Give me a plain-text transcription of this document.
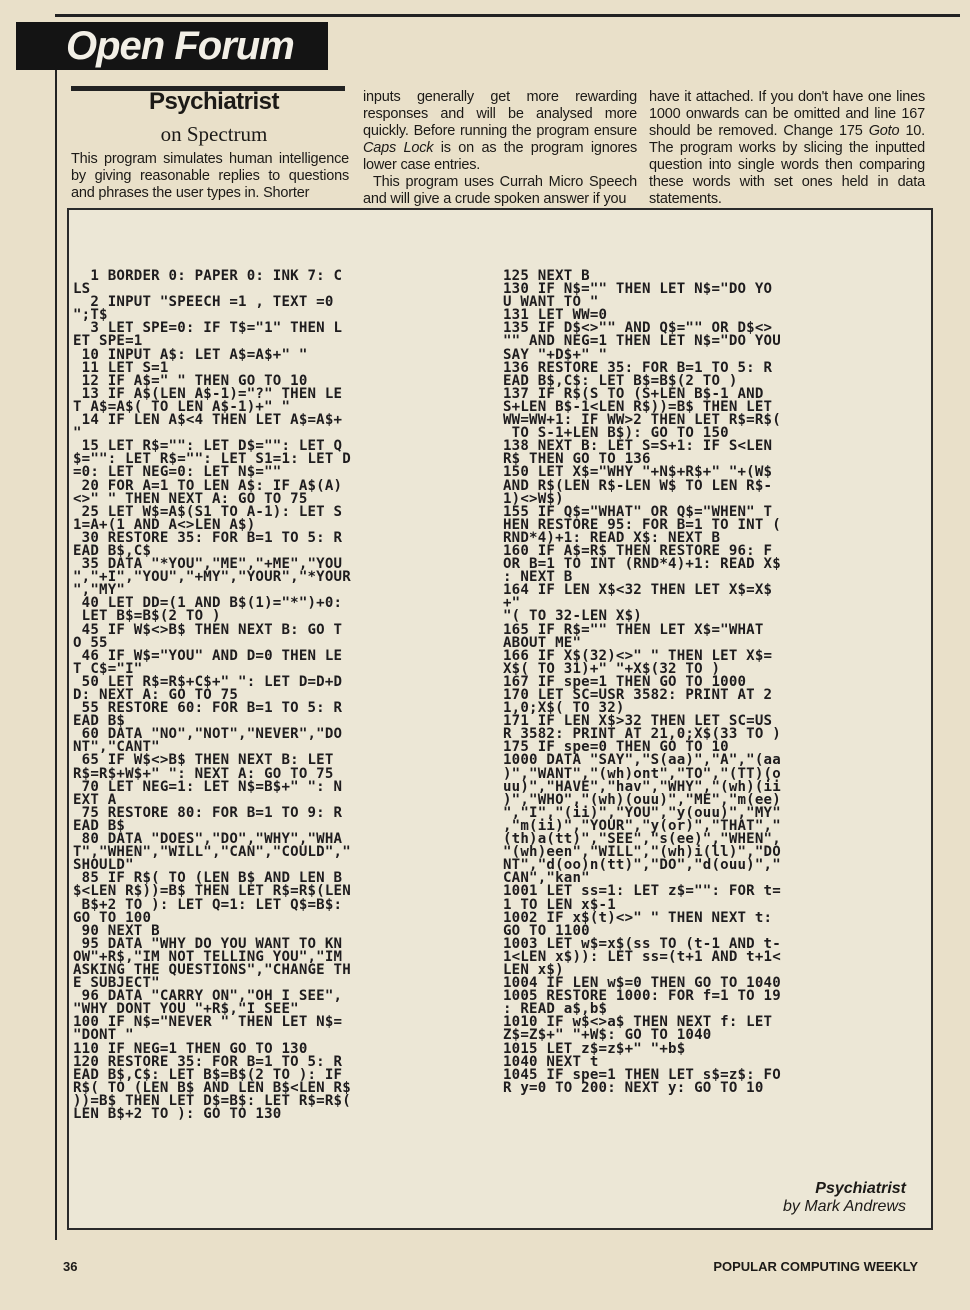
Open Forum
Psychiatrist
on Spectrum

This program simulates human intelligence by giving reasonable replies to questions and phrases the user types in. Shorter

inputs generally get more rewarding responses and will be analysed more quickly. Before running the program ensure Caps Lock is on as the program ignores lower case entries.

This program uses Currah Micro Speech and will give a crude spoken answer if you

have it attached. If you don't have one lines 1000 onwards can be omitted and line 167 should be removed. Change 175 Goto 10. The program works by slicing the inputted question into single words then comparing these words with set ones held in data statements.

1 BORDER 0: PAPER 0: INK 7: C
LS
2 INPUT "SPEECH =1 , TEXT =0
";T$
3 LET SPE=0: IF T$="1" THEN L
ET SPE=1
10 INPUT A$: LET A$=A$+" "
11 LET S=1
12 IF A$=" " THEN GO TO 10
13 IF A$(LEN A$-1)="?" THEN LE
T A$=A$( TO LEN A$-1)+" "
14 IF LEN A$<4 THEN LET A$=A$+
"
15 LET R$="": LET D$="": LET Q
$="": LET R$="": LET S1=1: LET D
=0: LET NEG=0: LET N$=""
20 FOR A=1 TO LEN A$: IF A$(A)
<>" " THEN NEXT A: GO TO 75
25 LET W$=A$(S1 TO A-1): LET S
1=A+(1 AND A<>LEN A$)
30 RESTORE 35: FOR B=1 TO 5: R
EAD B$,C$
35 DATA "*YOU","ME","+ME","YOU
","+I","YOU","+MY","YOUR","*YOUR
","MY"
40 LET DD=(1 AND B$(1)="*")+0:
LET B$=B$(2 TO )
45 IF W$<>B$ THEN NEXT B: GO T
O 55
46 IF W$="YOU" AND D=0 THEN LE
T C$="I"
50 LET R$=R$+C$+" ": LET D=D+D
D: NEXT A: GO TO 75
55 RESTORE 60: FOR B=1 TO 5: R
EAD B$
60 DATA "NO","NOT","NEVER","DO
NT","CANT"
65 IF W$<>B$ THEN NEXT B: LET
R$=R$+W$+" ": NEXT A: GO TO 75
70 LET NEG=1: LET N$=B$+" ": N
EXT A
75 RESTORE 80: FOR B=1 TO 9: R
EAD B$
80 DATA "DOES","DO","WHY","WHA
T","WHEN","WILL","CAN","COULD","
SHOULD"
85 IF R$( TO (LEN B$ AND LEN B
$<LEN R$))=B$ THEN LET R$=R$(LEN
B$+2 TO ): LET Q=1: LET Q$=B$:
GO TO 100
90 NEXT B
95 DATA "WHY DO YOU WANT TO KN
OW"+R$,"IM NOT TELLING YOU","IM
ASKING THE QUESTIONS","CHANGE TH
E SUBJECT"
96 DATA "CARRY ON","OH I SEE",
"WHY DONT YOU "+R$,"I SEE"
100 IF N$="NEVER " THEN LET N$=
"DONT "
110 IF NEG=1 THEN GO TO 130
120 RESTORE 35: FOR B=1 TO 5: R
EAD B$,C$: LET B$=B$(2 TO ): IF
R$( TO (LEN B$ AND LEN B$<LEN R$
))=B$ THEN LET D$=B$: LET R$=R$(
LEN B$+2 TO ): GO TO 130
125 NEXT B
130 IF N$="" THEN LET N$="DO YO
U WANT TO "
131 LET WW=0
135 IF D$<>"" AND Q$="" OR D$<>
"" AND NEG=1 THEN LET N$="DO YOU
SAY "+D$+" "
136 RESTORE 35: FOR B=1 TO 5: R
EAD B$,C$: LET B$=B$(2 TO )
137 IF R$(S TO (S+LEN B$-1 AND
S+LEN B$-1<LEN R$))=B$ THEN LET
WW=WW+1: IF WW>2 THEN LET R$=R$(
TO S-1+LEN B$): GO TO 150
138 NEXT B: LET S=S+1: IF S<LEN
R$ THEN GO TO 136
150 LET X$="WHY "+N$+R$+" "+(W$
AND R$(LEN R$-LEN W$ TO LEN R$-
1)<>W$)
155 IF Q$="WHAT" OR Q$="WHEN" T
HEN RESTORE 95: FOR B=1 TO INT (
RND*4)+1: READ X$: NEXT B
160 IF A$=R$ THEN RESTORE 96: F
OR B=1 TO INT (RND*4)+1: READ X$
: NEXT B
164 IF LEN X$<32 THEN LET X$=X$
+"
"( TO 32-LEN X$)
165 IF R$="" THEN LET X$="WHAT
ABOUT ME"
166 IF X$(32)<>" " THEN LET X$=
X$( TO 31)+" "+X$(32 TO )
167 IF spe=1 THEN GO TO 1000
170 LET SC=USR 3582: PRINT AT 2
1,0;X$( TO 32)
171 IF LEN X$>32 THEN LET SC=US
R 3582: PRINT AT 21,0;X$(33 TO )
175 IF spe=0 THEN GO TO 10
1000 DATA "SAY","S(aa)","A","(aa
)","WANT","(wh)ont","TO","(TT)(o
uu)","HAVE","hav","WHY","(wh)(ii
)","WHO","(wh)(ouu)","ME","m(ee)
","I","(ii)","YOU","y(ouu)","MY"
,"m(ii)","YOUR","y(or)","THAT","
(th)a(tt)","SEE","s(ee)","WHEN",
"(wh)een","WILL","(wh)i(ll)","DO
NT","d(oo)n(tt)","DO","d(ouu)","
CAN","kan"
1001 LET ss=1: LET z$="": FOR t=
1 TO LEN x$-1
1002 IF x$(t)<>" " THEN NEXT t:
GO TO 1100
1003 LET w$=x$(ss TO (t-1 AND t-
1<LEN x$)): LET ss=(t+1 AND t+1<
LEN x$)
1004 IF LEN w$=0 THEN GO TO 1040
1005 RESTORE 1000: FOR f=1 TO 19
: READ a$,b$
1010 IF w$<>a$ THEN NEXT f: LET
Z$=Z$+" "+W$: GO TO 1040
1015 LET z$=z$+" "+b$
1040 NEXT t
1045 IF spe=1 THEN LET s$=z$: FO
R y=0 TO 200: NEXT y: GO TO 10
Psychiatrist
by Mark Andrews
36	POPULAR COMPUTING WEEKLY
